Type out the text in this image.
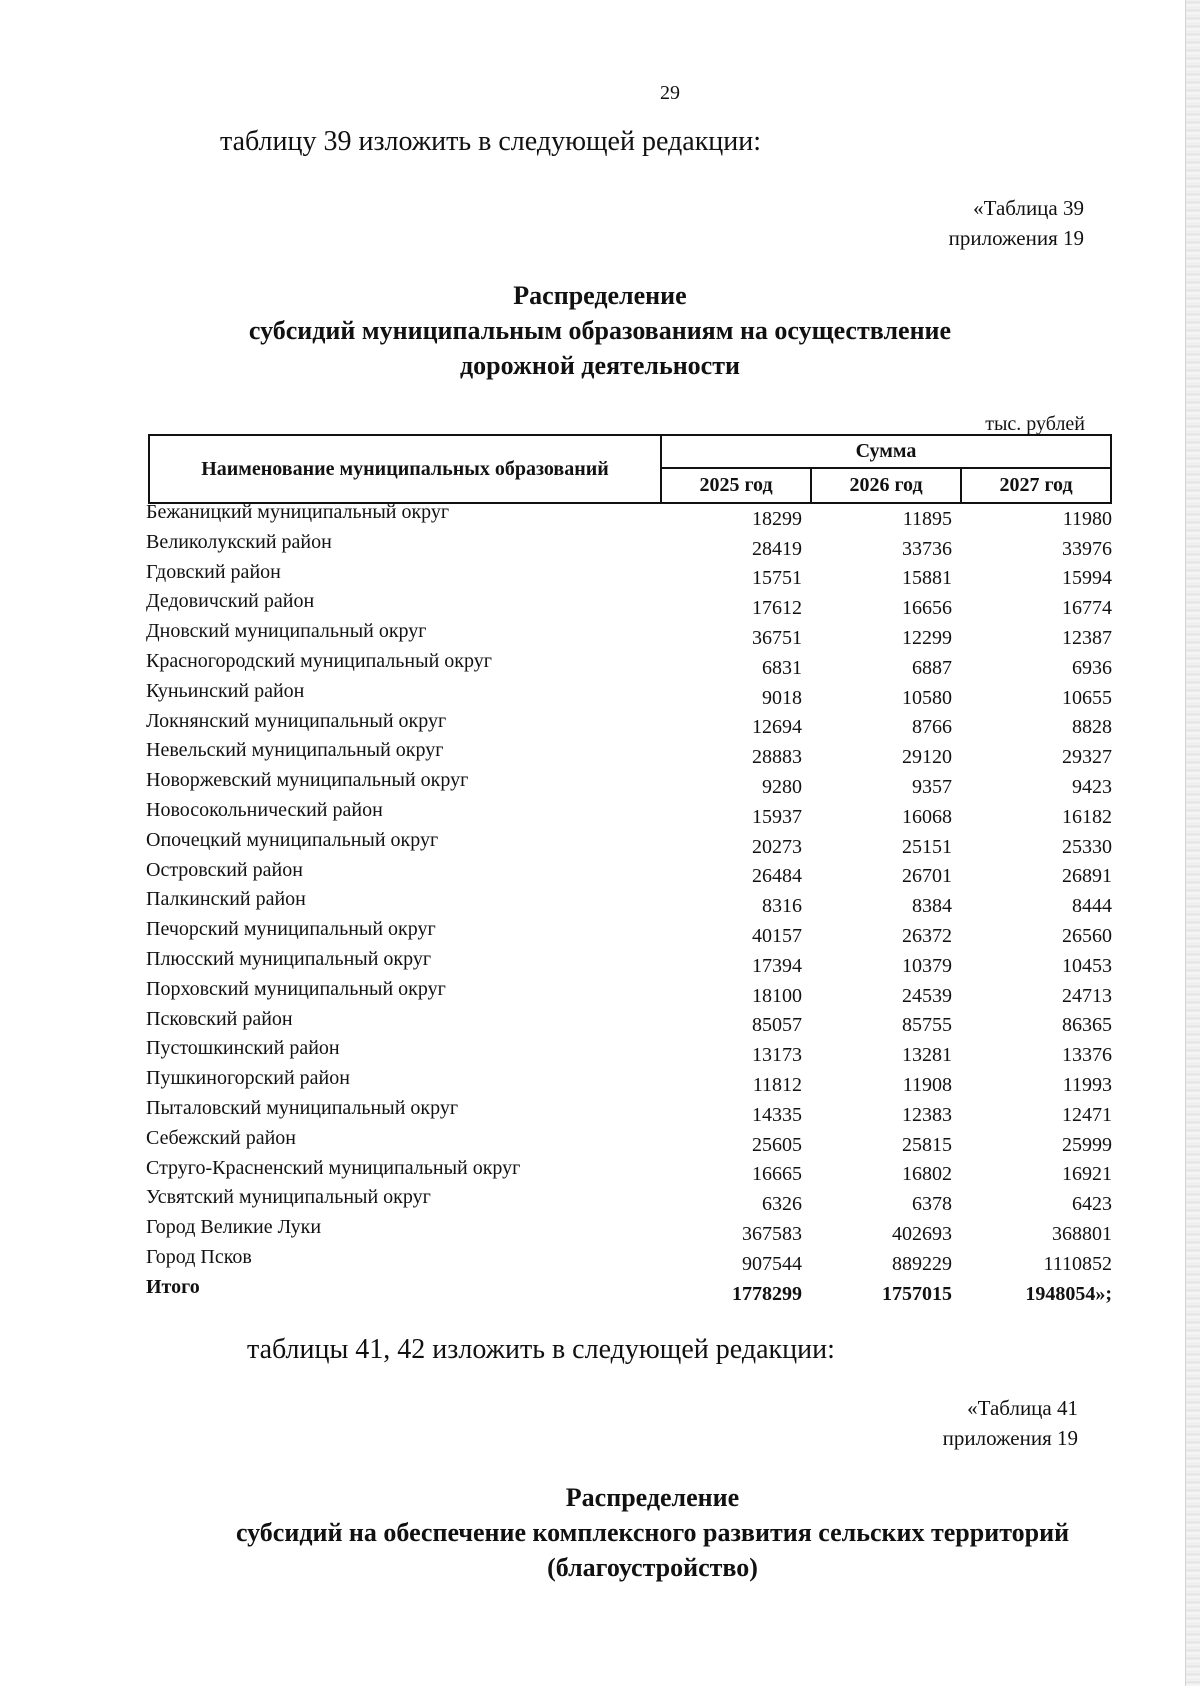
29
таблицу 39 изложить в следующей редакции:
«Таблица 39
приложения 19
Распределение
субсидий муниципальным образованиям на осуществление
дорожной деятельности
тыс. рублей
Наименование муниципальных образований	Сумма		
	2025 год	2026 год	2027 год
Бежаницкий муниципальный округ	18299	11895	11980
Великолукский район	28419	33736	33976
Гдовский район	15751	15881	15994
Дедовичский район	17612	16656	16774
Дновский муниципальный округ	36751	12299	12387
Красногородский муниципальный округ	6831	6887	6936
Куньинский район	9018	10580	10655
Локнянский муниципальный округ	12694	8766	8828
Невельский муниципальный округ	28883	29120	29327
Новоржевский муниципальный округ	9280	9357	9423
Новосокольнический район	15937	16068	16182
Опочецкий муниципальный округ	20273	25151	25330
Островский район	26484	26701	26891
Палкинский район	8316	8384	8444
Печорский муниципальный округ	40157	26372	26560
Плюсский муниципальный округ	17394	10379	10453
Порховский муниципальный округ	18100	24539	24713
Псковский район	85057	85755	86365
Пустошкинский район	13173	13281	13376
Пушкиногорский район	11812	11908	11993
Пыталовский муниципальный округ	14335	12383	12471
Себежский район	25605	25815	25999
Струго-Красненский муниципальный округ	16665	16802	16921
Усвятский муниципальный округ	6326	6378	6423
Город Великие Луки	367583	402693	368801
Город Псков	907544	889229	1110852
Итого	1778299	1757015	1948054»;
таблицы 41, 42 изложить в следующей редакции:
«Таблица 41
приложения 19
Распределение
субсидий на обеспечение комплексного развития сельских территорий
(благоустройство)
